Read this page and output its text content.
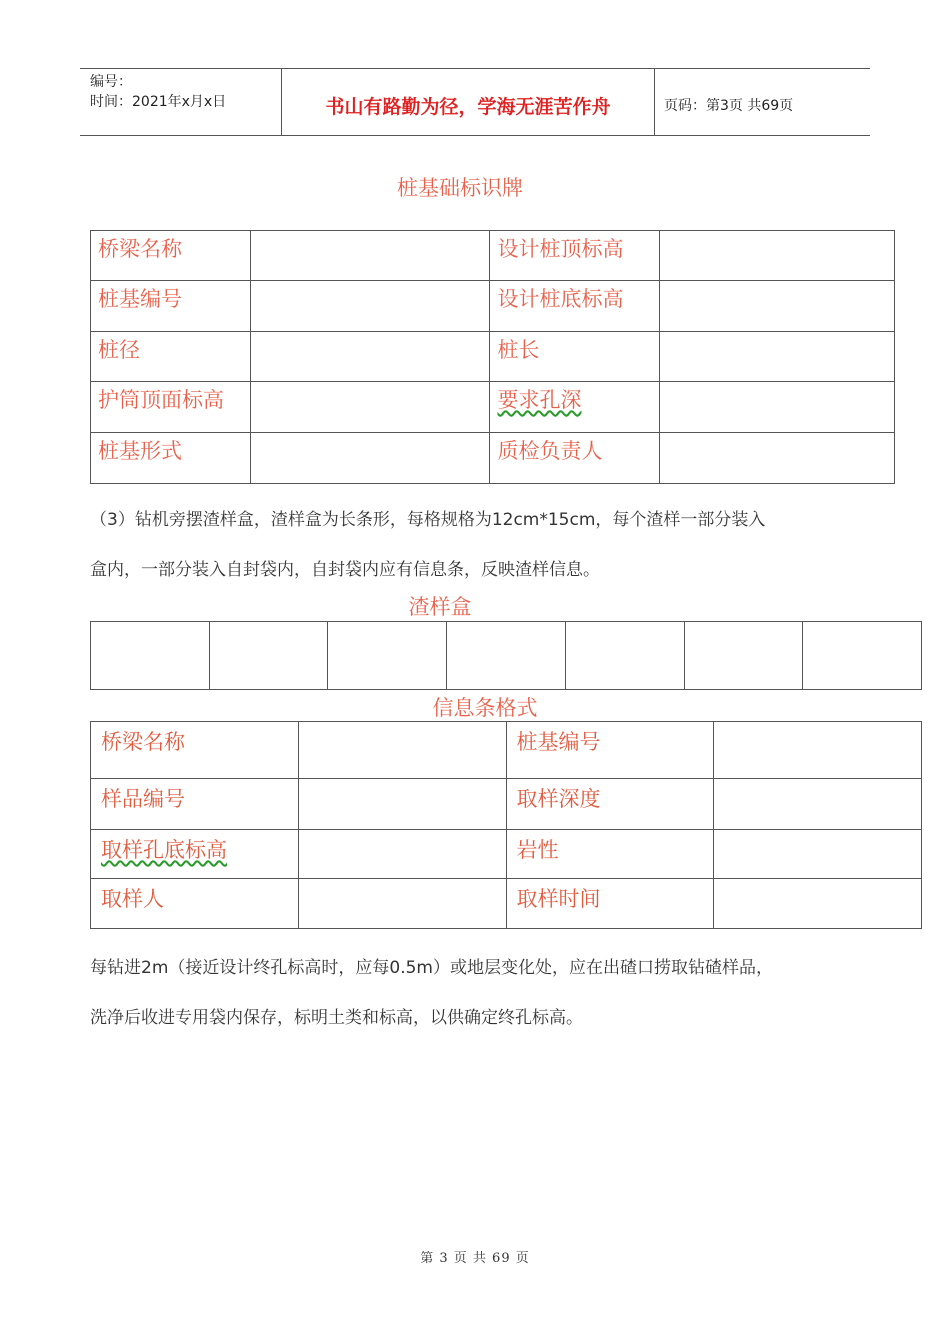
编号：
时间：2021年x月x日	书山有路勤为径，学海无涯苦作舟	页码：第3页 共69页
桩基础标识牌
桥梁名称		设计桩顶标高	

桩基编号		设计桩底标高	

桩径		桩长	

护筒顶面标高		要求孔深	

桩基形式		质检负责人	

（3）钻机旁摆渣样盒，渣样盒为长条形，每格规格为12cm*15cm，每个渣样一部分装入
盒内，一部分装入自封袋内，自封袋内应有信息条，反映渣样信息。
渣样盒

信息条格式
桥梁名称		桩基编号	

样品编号		取样深度	

取样孔底标高		岩性	

取样人		取样时间	

每钻进2m（接近设计终孔标高时，应每0.5m）或地层变化处，应在出碴口捞取钻碴样品，
洗净后收进专用袋内保存，标明土类和标高，以供确定终孔标高。
第 3 页 共 69 页
